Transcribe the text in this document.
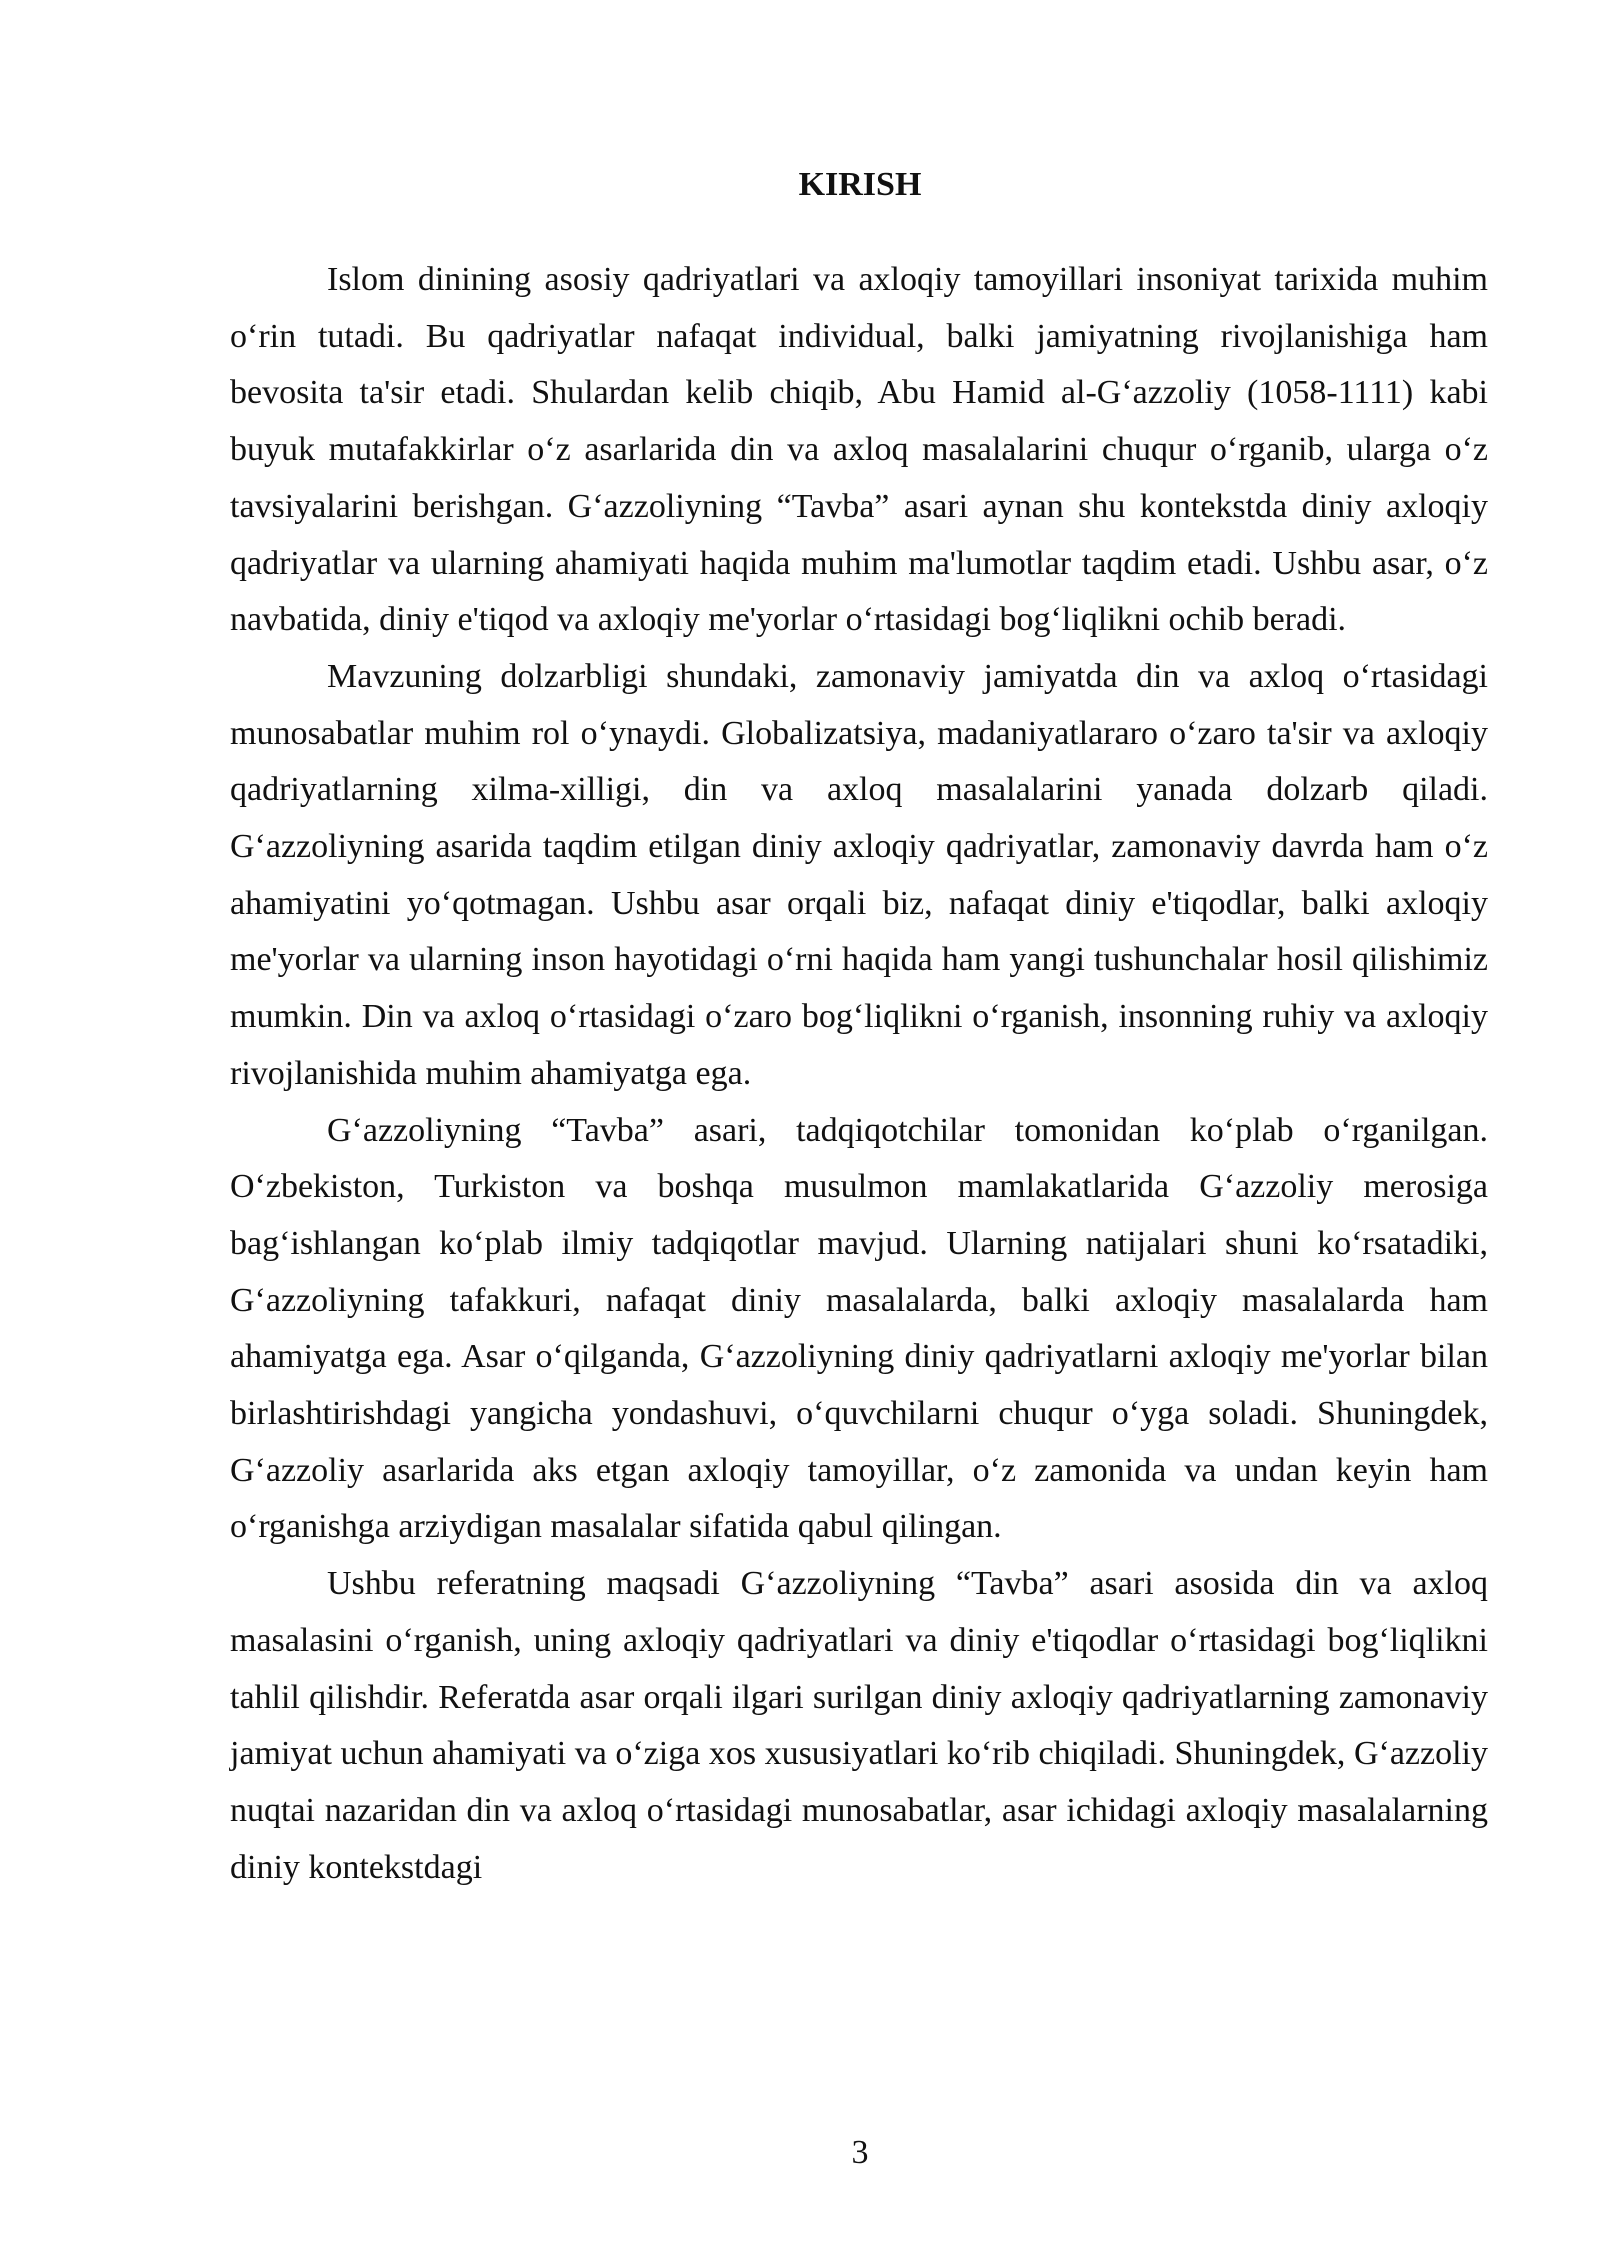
KIRISH

Islom dinining asosiy qadriyatlari va axloqiy tamoyillari insoniyat tarixida muhim o‘rin tutadi. Bu qadriyatlar nafaqat individual, balki jamiyatning rivojlanishiga ham bevosita ta'sir etadi. Shulardan kelib chiqib, Abu Hamid al-G‘azzoliy (1058-1111) kabi buyuk mutafakkirlar o‘z asarlarida din va axloq masalalarini chuqur o‘rganib, ularga o‘z tavsiyalarini berishgan. G‘azzoliyning “Tavba” asari aynan shu kontekstda diniy axloqiy qadriyatlar va ularning ahamiyati haqida muhim ma'lumotlar taqdim etadi. Ushbu asar, o‘z navbatida, diniy e'tiqod va axloqiy me'yorlar o‘rtasidagi bog‘liqlikni ochib beradi.

Mavzuning dolzarbligi shundaki, zamonaviy jamiyatda din va axloq o‘rtasidagi munosabatlar muhim rol o‘ynaydi. Globalizatsiya, madaniyatlararo o‘zaro ta'sir va axloqiy qadriyatlarning xilma-xilligi, din va axloq masalalarini yanada dolzarb qiladi. G‘azzoliyning asarida taqdim etilgan diniy axloqiy qadriyatlar, zamonaviy davrda ham o‘z ahamiyatini yo‘qotmagan. Ushbu asar orqali biz, nafaqat diniy e'tiqodlar, balki axloqiy me'yorlar va ularning inson hayotidagi o‘rni haqida ham yangi tushunchalar hosil qilishimiz mumkin. Din va axloq o‘rtasidagi o‘zaro bog‘liqlikni o‘rganish, insonning ruhiy va axloqiy rivojlanishida muhim ahamiyatga ega.

G‘azzoliyning “Tavba” asari, tadqiqotchilar tomonidan ko‘plab o‘rganilgan. O‘zbekiston, Turkiston va boshqa musulmon mamlakatlarida G‘azzoliy merosiga bag‘ishlangan ko‘plab ilmiy tadqiqotlar mavjud. Ularning natijalari shuni ko‘rsatadiki, G‘azzoliyning tafakkuri, nafaqat diniy masalalarda, balki axloqiy masalalarda ham ahamiyatga ega. Asar o‘qilganda, G‘azzoliyning diniy qadriyatlarni axloqiy me'yorlar bilan birlashtirishdagi yangicha yondashuvi, o‘quvchilarni chuqur o‘yga soladi. Shuningdek, G‘azzoliy asarlarida aks etgan axloqiy tamoyillar, o‘z zamonida va undan keyin ham o‘rganishga arziydigan masalalar sifatida qabul qilingan.

Ushbu referatning maqsadi G‘azzoliyning “Tavba” asari asosida din va axloq masalasini o‘rganish, uning axloqiy qadriyatlari va diniy e'tiqodlar o‘rtasidagi bog‘liqlikni tahlil qilishdir. Referatda asar orqali ilgari surilgan diniy axloqiy qadriyatlarning zamonaviy jamiyat uchun ahamiyati va o‘ziga xos xususiyatlari ko‘rib chiqiladi. Shuningdek, G‘azzoliy nuqtai nazaridan din va axloq o‘rtasidagi munosabatlar, asar ichidagi axloqiy masalalarning diniy kontekstdagi

3
